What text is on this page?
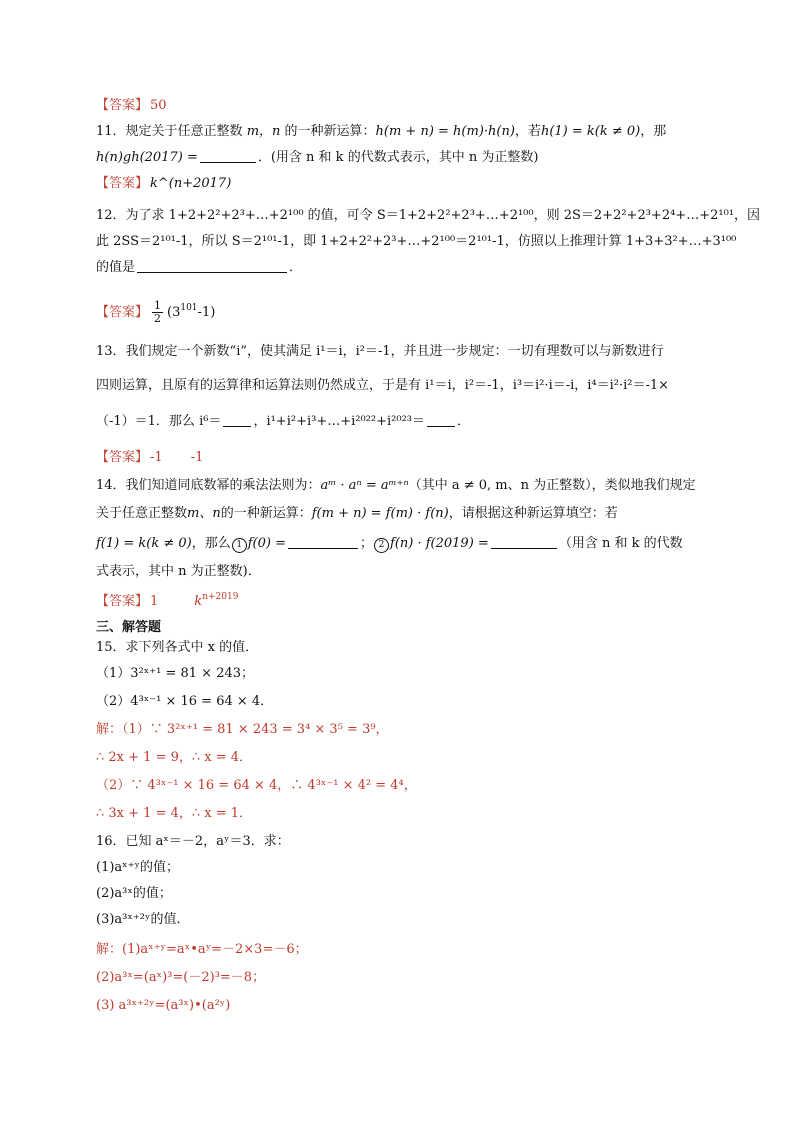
【答案】 50
11．规定关于任意正整数 m，n 的一种新运算：h(m + n) = h(m)·h(n)，若h(1) = k(k ≠ 0)，那
h(n)gh(2017) =	．(用含 n 和 k 的代数式表示，其中 n 为正整数)
【答案】 k^(n+2017)
12．为了求 1+2+2²+2³+…+2¹⁰⁰ 的值，可令 S＝1+2+2²+2³+…+2¹⁰⁰，则 2S＝2+2²+2³+2⁴+…+2¹⁰¹，因
此 2SS＝2¹⁰¹-1，所以 S＝2¹⁰¹-1，即 1+2+2²+2³+…+2¹⁰⁰＝2¹⁰¹-1，仿照以上推理计算 1+3+3²+…+3¹⁰⁰
的值是	．
【答案】 $\frac{1}{2} (3^{101}-1)$
13．我们规定一个新数“i”，使其满足 i¹＝i，i²＝-1，并且进一步规定：一切有理数可以与新数进行
四则运算，且原有的运算律和运算法则仍然成立，于是有 i¹＝i，i²＝-1，i³＝i²·i＝-i，i⁴＝i²·i²＝-1×
（-1）＝1．那么 i⁶＝ ，i¹+i²+i³+…+i²⁰²²+i²⁰²³＝ ．
【答案】 -1 -1
14．我们知道同底数幂的乘法法则为：aᵐ · aⁿ = aᵐ⁺ⁿ（其中 a ≠ 0, m、n 为正整数），类似地我们规定
关于任意正整数m、n的一种新运算：f(m + n) = f(m) · f(n)，请根据这种新运算填空：若
f(1) = k(k ≠ 0)，那么 1 f(0) =	； 2 f(n) · f(2019) =	（用含 n 和 k 的代数
式表示，其中 n 为正整数)．
【答案】 1	$k^{n+2019}$
三、解答题
15．求下列各式中 x 的值．
（1）3²ˣ⁺¹ = 81 × 243；
（2）4³ˣ⁻¹ × 16 = 64 × 4．
解：（1）∵ 3²ˣ⁺¹ = 81 × 243 = 3⁴ × 3⁵ = 3⁹，
∴ 2x + 1 = 9，∴ x = 4．
（2）∵ 4³ˣ⁻¹ × 16 = 64 × 4，∴ 4³ˣ⁻¹ × 4² = 4⁴，
∴ 3x + 1 = 4，∴ x = 1．
16．已知 aˣ＝－2，aʸ＝3．求：
(1)aˣ⁺ʸ的值；
(2)a³ˣ的值；
(3)a³ˣ⁺²ʸ的值．
解：(1)aˣ⁺ʸ=aˣ•aʸ=－2×3=－6；
(2)a³ˣ=(aˣ)³=(－2)³=－8；
(3) a³ˣ⁺²ʸ=(a³ˣ)•(a²ʸ)
